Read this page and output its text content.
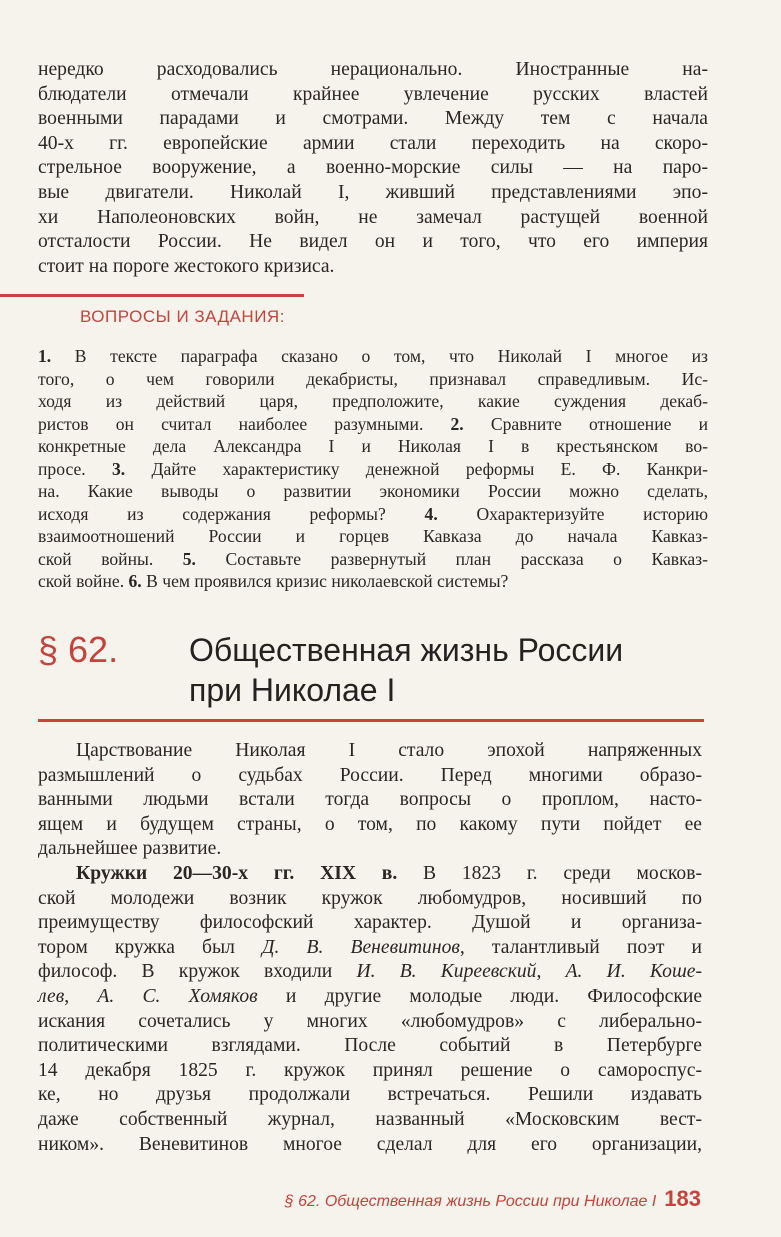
нередко расходовались нерационально. Иностранные на-
блюдатели отмечали крайнее увлечение русских властей
военными парадами и смотрами. Между тем с начала
40-х гг. европейские армии стали переходить на скоро-
стрельное вооружение, а военно-морские силы — на паро-
вые двигатели. Николай I, живший представлениями эпо-
хи Наполеоновских войн, не замечал растущей военной
отсталости России. Не видел он и того, что его империя
стоит на пороге жестокого кризиса.
ВОПРОСЫ И ЗАДАНИЯ:
1. В тексте параграфа сказано о том, что Николай I многое из
того, о чем говорили декабристы, признавал справедливым. Ис-
ходя из действий царя, предположите, какие суждения декаб-
ристов он считал наиболее разумными. 2. Сравните отношение и
конкретные дела Александра I и Николая I в крестьянском во-
просе. 3. Дайте характеристику денежной реформы Е. Ф. Канкри-
на. Какие выводы о развитии экономики России можно сделать,
исходя из содержания реформы? 4. Охарактеризуйте историю
взаимоотношений России и горцев Кавказа до начала Кавказ-
ской войны. 5. Составьте развернутый план рассказа о Кавказ-
ской войне. 6. В чем проявился кризис николаевской системы?
§ 62. Общественная жизнь России
при Николае I
Царствование Николая I стало эпохой напряженных
размышлений о судьбах России. Перед многими образо-
ванными людьми встали тогда вопросы о проплом, насто-
ящем и будущем страны, о том, по какому пути пойдет ее
дальнейшее развитие.
Кружки 20—30-х гг. XIX в. В 1823 г. среди москов-
ской молодежи возник кружок любомудров, носивший по
преимуществу философский характер. Душой и организа-
тором кружка был Д. В. Веневитинов, талантливый поэт и
философ. В кружок входили И. В. Киреевский, А. И. Коше-
лев, А. С. Хомяков и другие молодые люди. Философские
искания сочетались у многих «любомудров» с либерально-
политическими взглядами. После событий в Петербурге
14 декабря 1825 г. кружок принял решение о самороспус-
ке, но друзья продолжали встречаться. Решили издавать
даже собственный журнал, названный «Московским вест-
ником». Веневитинов многое сделал для его организации,
§ 62. Общественная жизнь России при Николае I 183
